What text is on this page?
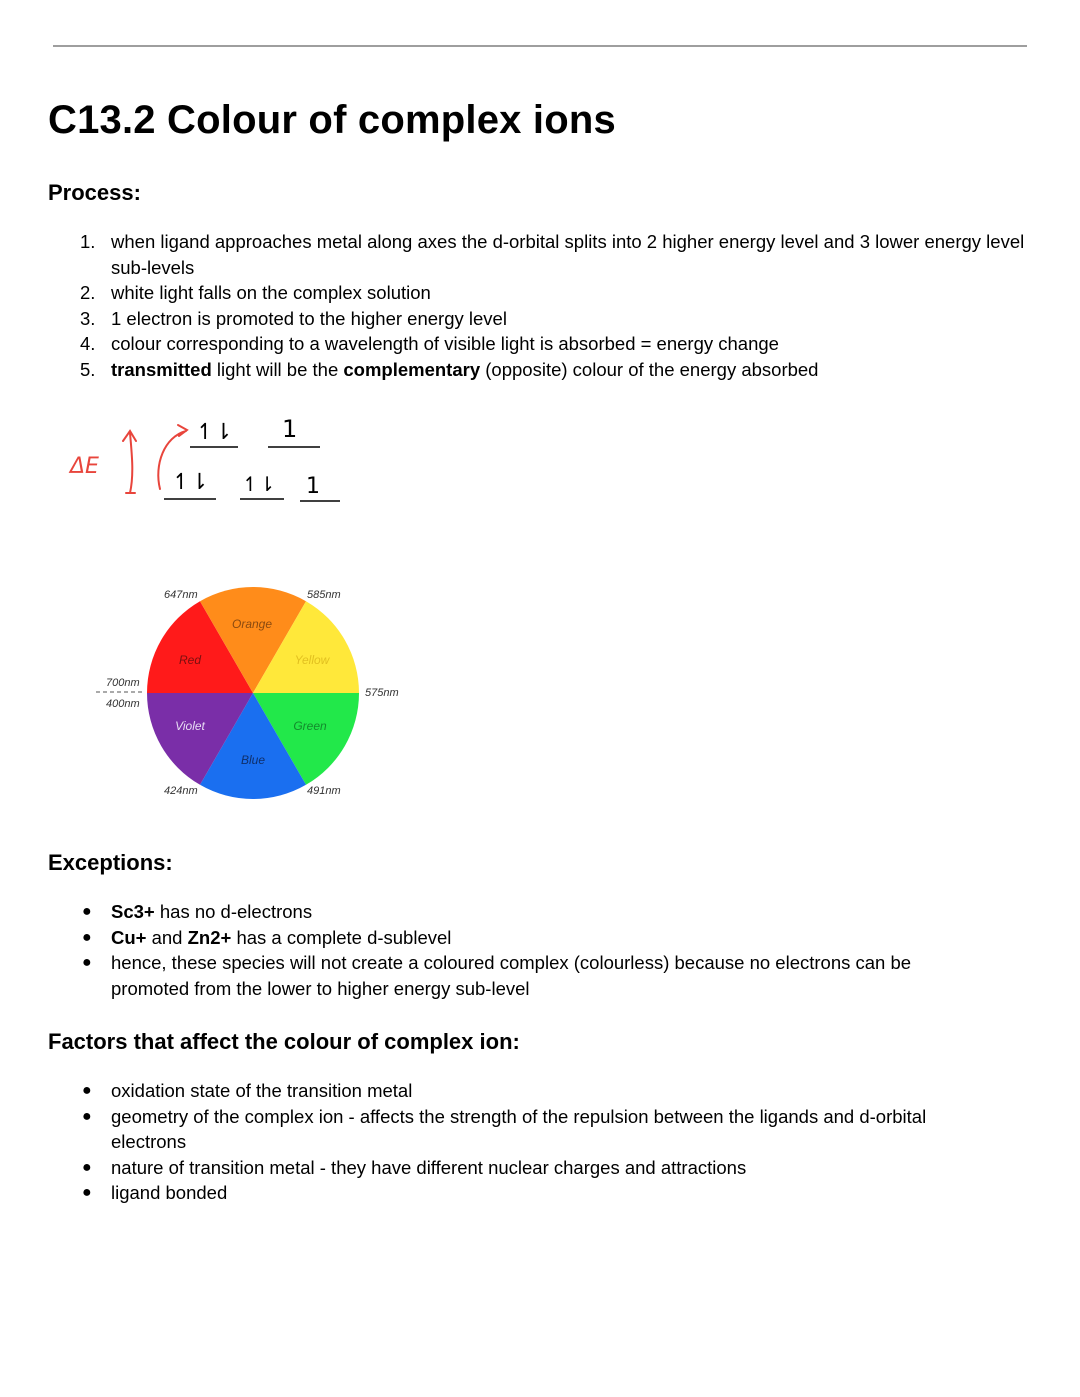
C13.2 Colour of complex ions
Process:
1. when ligand approaches metal along axes the d-orbital splits into 2 higher energy level and 3 lower energy level sub-levels
2. white light falls on the complex solution
3. 1 electron is promoted to the higher energy level
4. colour corresponding to a wavelength of visible light is absorbed = energy change
5. transmitted light will be the complementary (opposite) colour of the energy absorbed
ΔE
↿⇂ 1
↿⇂ ↿⇂ 1
Red
Orange
Yellow
Green
Blue
Violet
647nm	585nm
575nm
700nm
400nm
424nm	491nm
Exceptions:
● Sc3+ has no d-electrons
● Cu+ and Zn2+ has a complete d-sublevel
● hence, these species will not create a coloured complex (colourless) because no electrons can be promoted from the lower to higher energy sub-level
Factors that affect the colour of complex ion:
● oxidation state of the transition metal
● geometry of the complex ion - affects the strength of the repulsion between the ligands and d-orbital electrons
● nature of transition metal - they have different nuclear charges and attractions
● ligand bonded
